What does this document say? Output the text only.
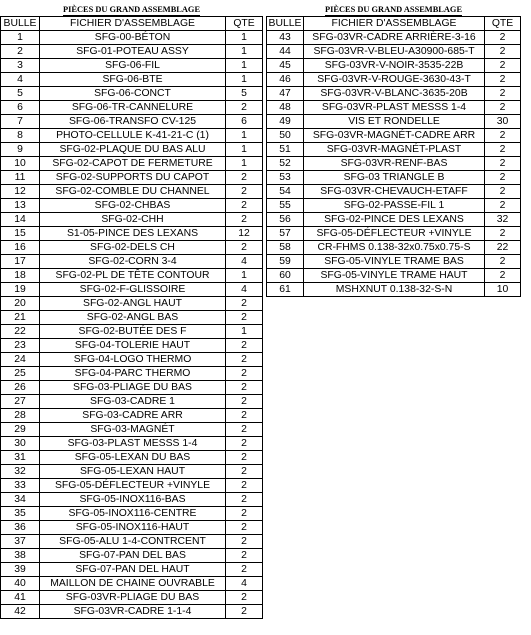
PIÈCES DU GRAND ASSEMBLAGE		
BULLE	FICHIER D'ASSEMBLAGE	QTE
1	SFG-00-BÉTON	1
2	SFG-01-POTEAU ASSY	1
3	SFG-06-FIL	1
4	SFG-06-BTE	1
5	SFG-06-CONCT	5
6	SFG-06-TR-CANNELURE	2
7	SFG-06-TRANSFO CV-125	6
8	PHOTO-CELLULE K-41-21-C (1)	1
9	SFG-02-PLAQUE DU BAS ALU	1
10	SFG-02-CAPOT DE FERMETURE	1
11	SFG-02-SUPPORTS DU CAPOT	2
12	SFG-02-COMBLE DU CHANNEL	2
13	SFG-02-CHBAS	2
14	SFG-02-CHH	2
15	S1-05-PINCE DES LEXANS	12
16	SFG-02-DELS CH	2
17	SFG-02-CORN 3-4	4
18	SFG-02-PL DE TÊTE CONTOUR	1
19	SFG-02-F-GLISSOIRE	4
20	SFG-02-ANGL HAUT	2
21	SFG-02-ANGL BAS	2
22	SFG-02-BUTÉE DES F	1
23	SFG-04-TOLERIE HAUT	2
24	SFG-04-LOGO THERMO	2
25	SFG-04-PARC THERMO	2
26	SFG-03-PLIAGE DU BAS	2
27	SFG-03-CADRE 1	2
28	SFG-03-CADRE ARR	2
29	SFG-03-MAGNÉT	2
30	SFG-03-PLAST MESSS 1-4	2
31	SFG-05-LEXAN DU BAS	2
32	SFG-05-LEXAN HAUT	2
33	SFG-05-DÉFLECTEUR +VINYLE	2
34	SFG-05-INOX116-BAS	2
35	SFG-05-INOX116-CENTRE	2
36	SFG-05-INOX116-HAUT	2
37	SFG-05-ALU 1-4-CONTRCENT	2
38	SFG-07-PAN DEL BAS	2
39	SFG-07-PAN DEL HAUT	2
40	MAILLON DE CHAINE OUVRABLE	4
41	SFG-03VR-PLIAGE DU BAS	2
42	SFG-03VR-CADRE 1-1-4	2
PIÈCES DU GRAND ASSEMBLAGE		
BULLE	FICHIER D'ASSEMBLAGE	QTE
43	SFG-03VR-CADRE ARRIÈRE-3-16	2
44	SFG-03VR-V-BLEU-A30900-685-T	2
45	SFG-03VR-V-NOIR-3535-22B	2
46	SFG-03VR-V-ROUGE-3630-43-T	2
47	SFG-03VR-V-BLANC-3635-20B	2
48	SFG-03VR-PLAST MESSS 1-4	2
49	VIS ET RONDELLE	30
50	SFG-03VR-MAGNÉT-CADRE ARR	2
51	SFG-03VR-MAGNÉT-PLAST	2
52	SFG-03VR-RENF-BAS	2
53	SFG-03 TRIANGLE B	2
54	SFG-03VR-CHEVAUCH-ETAFF	2
55	SFG-02-PASSE-FIL 1	2
56	SFG-02-PINCE DES LEXANS	32
57	SFG-05-DÉFLECTEUR +VINYLE	2
58	CR-FHMS 0.138-32x0.75x0.75-S	22
59	SFG-05-VINYLE TRAME BAS	2
60	SFG-05-VINYLE TRAME HAUT	2
61	MSHXNUT 0.138-32-S-N	10
